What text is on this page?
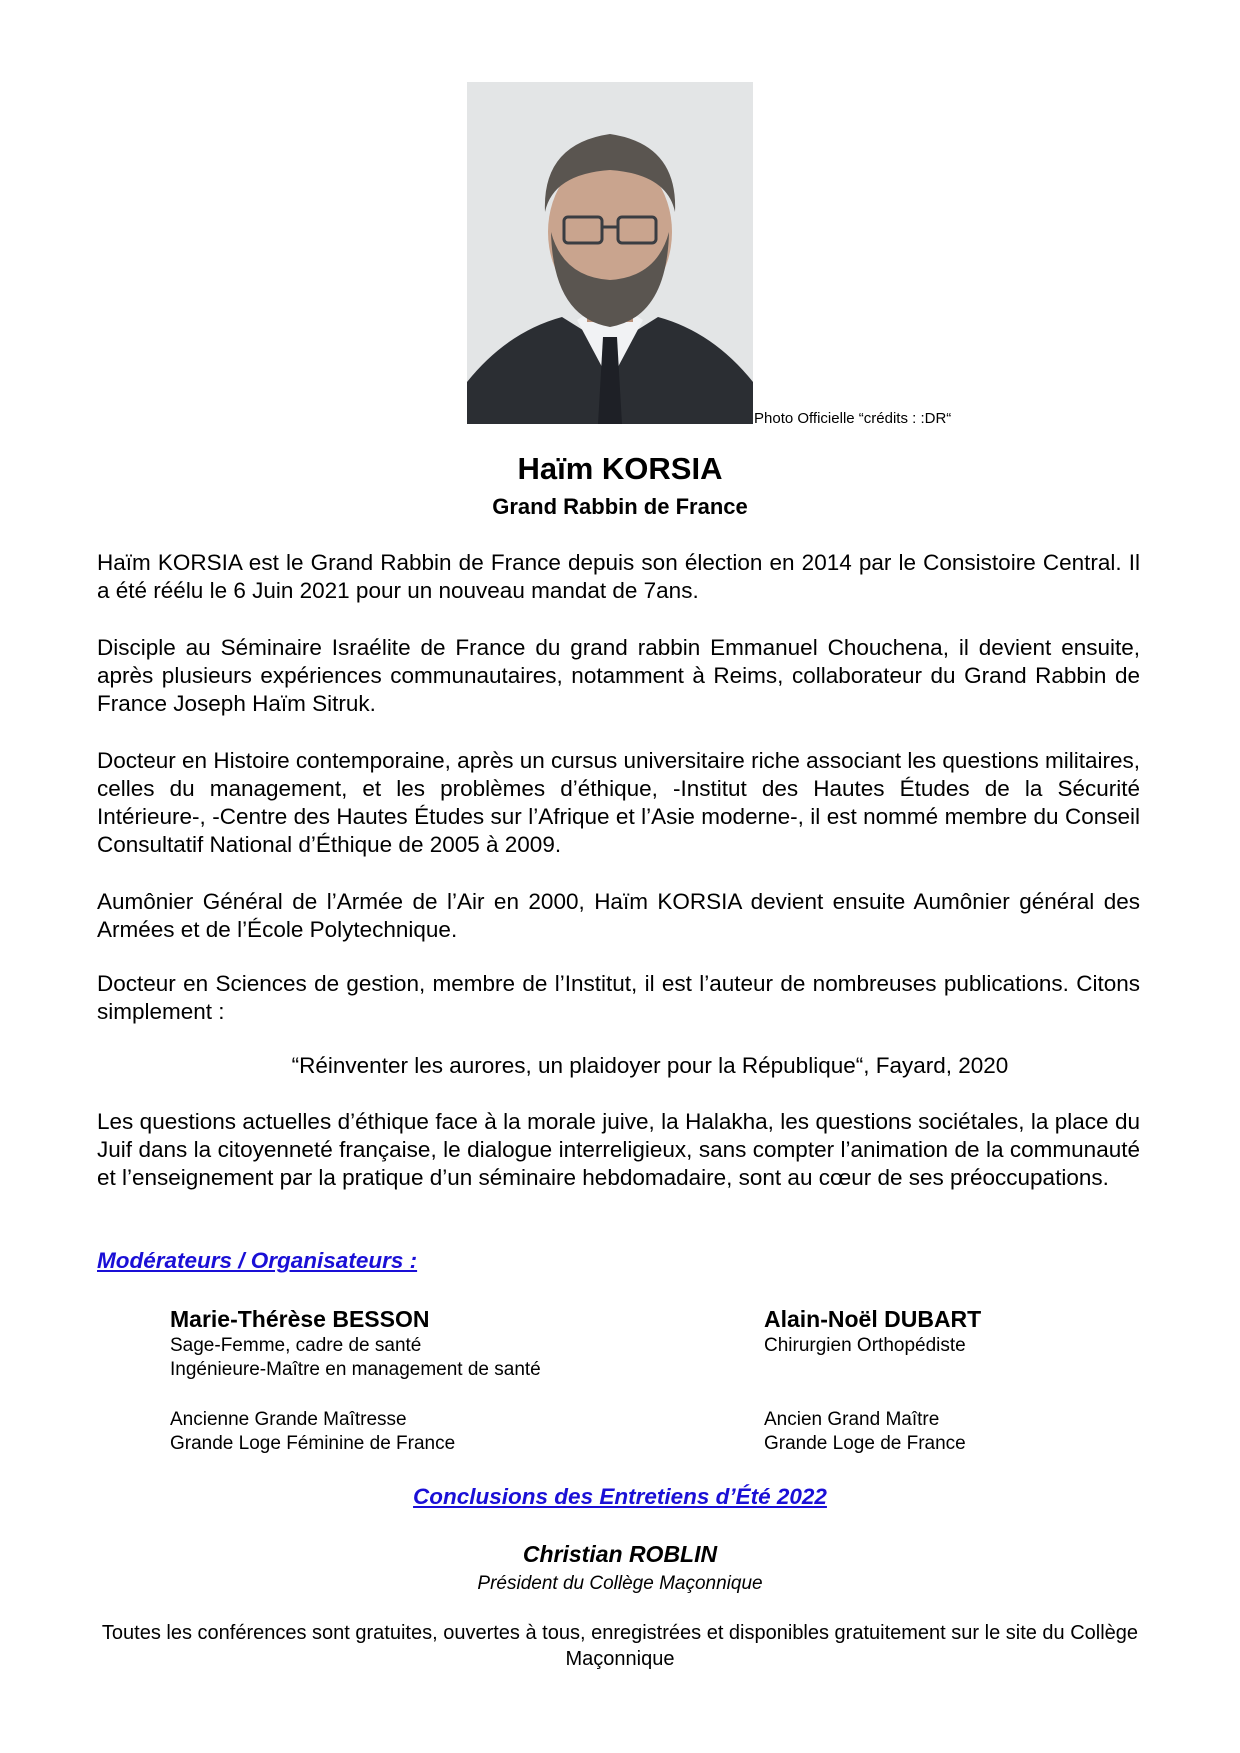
Photo Officielle “crédits : :DR“
Haïm KORSIA
Grand Rabbin de France

Haïm KORSIA est le Grand Rabbin de France depuis son élection en 2014 par le Consistoire Central. Il a été réélu le 6 Juin 2021 pour un nouveau mandat de 7ans.

Disciple au Séminaire Israélite de France du grand rabbin Emmanuel Chouchena, il devient ensuite, après plusieurs expériences communautaires, notamment à Reims, collaborateur du Grand Rabbin de France Joseph Haïm Sitruk.

Docteur en Histoire contemporaine, après un cursus universitaire riche associant les questions militaires, celles du management, et les problèmes d’éthique, -Institut des Hautes Études de la Sécurité Intérieure-, -Centre des Hautes Études sur l’Afrique et l’Asie moderne-, il est nommé membre du Conseil Consultatif National d’Éthique de 2005 à 2009.

Aumônier Général de l’Armée de l’Air en 2000, Haïm KORSIA devient ensuite Aumônier général des Armées et de l’École Polytechnique.

Docteur en Sciences de gestion, membre de l’Institut, il est l’auteur de nombreuses publications. Citons simplement :

“Réinventer les aurores, un plaidoyer pour la République“, Fayard, 2020

Les questions actuelles d’éthique face à la morale juive, la Halakha, les questions sociétales, la place du Juif dans la citoyenneté française, le dialogue interreligieux, sans compter l’animation de la communauté et l’enseignement par la pratique d’un séminaire hebdomadaire, sont au cœur de ses préoccupations.

Modérateurs / Organisateurs :
Marie-Thérèse BESSON
Sage-Femme, cadre de santé
Ingénieure-Maître en management de santé
Ancienne Grande Maîtresse
Grande Loge Féminine de France
Alain-Noël DUBART
Chirurgien Orthopédiste
Ancien Grand Maître
Grande Loge de France
Conclusions des Entretiens d’Été 2022
Christian ROBLIN
Président du Collège Maçonnique
Toutes les conférences sont gratuites, ouvertes à tous, enregistrées et disponibles gratuitement sur le site du Collège Maçonnique
